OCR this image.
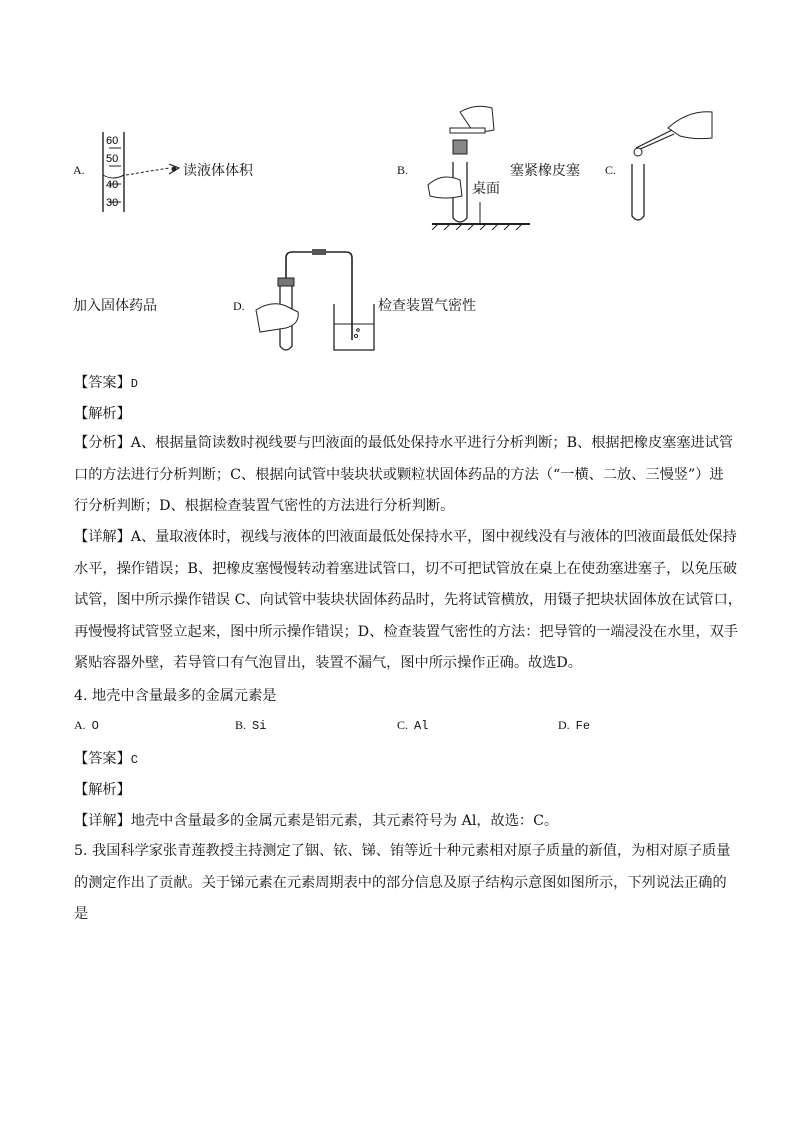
A.
60
50
40
30
读液体体积	B.
桌面
塞紧橡皮塞 C.
加入固体药品	D.	检查装置气密性
【答案】D
【解析】
【分析】A、根据量筒读数时视线要与凹液面的最低处保持水平进行分析判断；B、根据把橡皮塞塞进试管
口的方法进行分析判断；C、根据向试管中装块状或颗粒状固体药品的方法（“一横、二放、三慢竖”）进
行分析判断；D、根据检查装置气密性的方法进行分析判断。
【详解】A、量取液体时，视线与液体的凹液面最低处保持水平，图中视线没有与液体的凹液面最低处保持
水平，操作错误；B、把橡皮塞慢慢转动着塞进试管口，切不可把试管放在桌上在使劲塞进塞子，以免压破
试管，图中所示操作错误 C、向试管中装块状固体药品时，先将试管横放，用镊子把块状固体放在试管口，
再慢慢将试管竖立起来，图中所示操作错误；D、检查装置气密性的方法：把导管的一端浸没在水里，双手
紧贴容器外壁，若导管口有气泡冒出，装置不漏气，图中所示操作正确。故选D。
4. 地壳中含量最多的金属元素是
A. O	B. Si	C. Al	D. Fe
【答案】C
【解析】
【详解】地壳中含量最多的金属元素是铝元素，其元素符号为 Al，故选：C。
5. 我国科学家张青莲教授主持测定了铟、铱、锑、铕等近十种元素相对原子质量的新值，为相对原子质量
的测定作出了贡献。关于锑元素在元素周期表中的部分信息及原子结构示意图如图所示，下列说法正确的
是
